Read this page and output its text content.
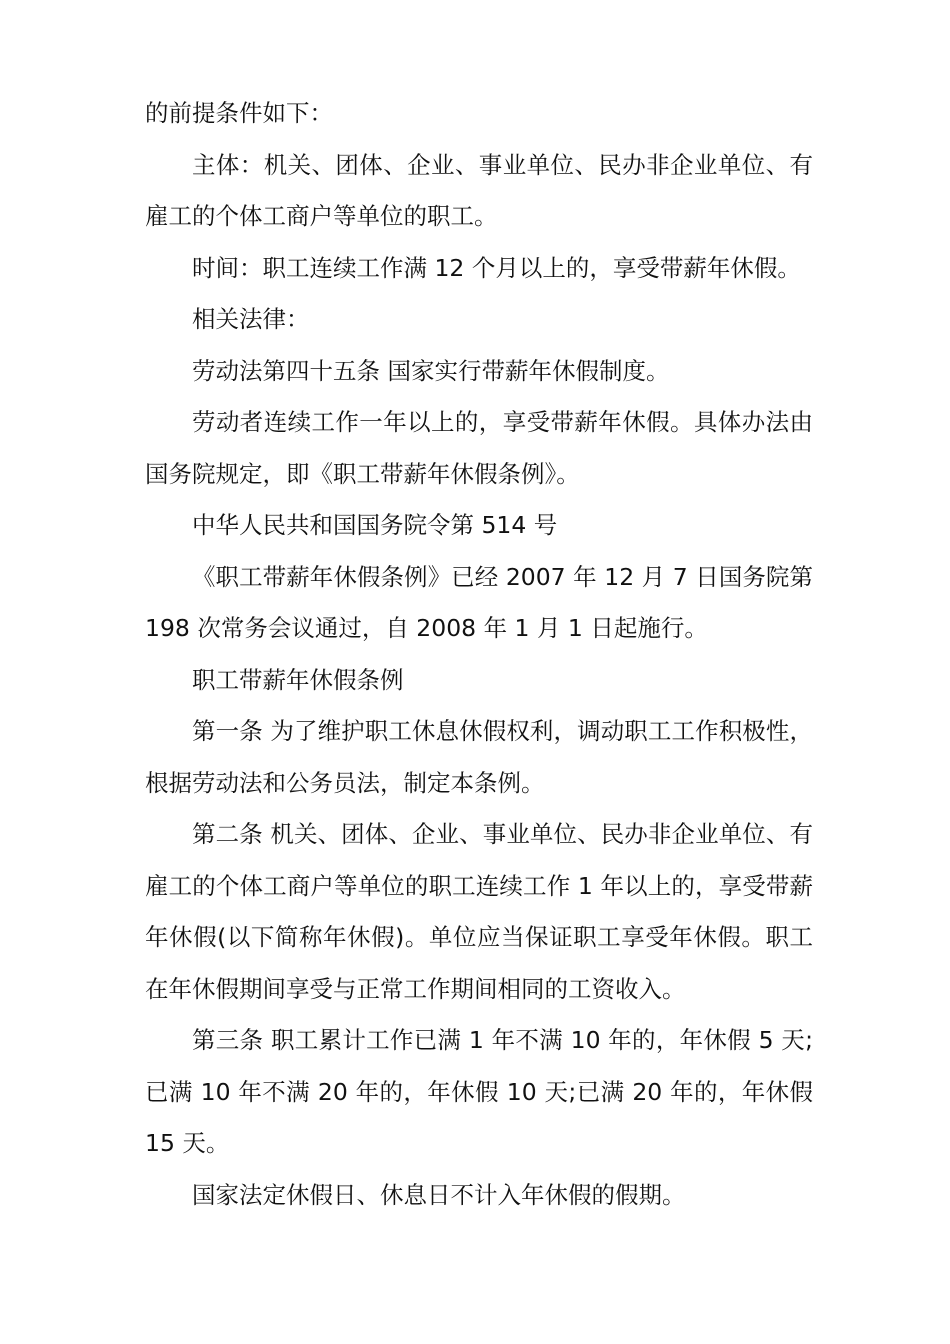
的前提条件如下：

主体：机关、团体、企业、事业单位、民办非企业单位、有雇工的个体工商户等单位的职工。

时间：职工连续工作满 12 个月以上的，享受带薪年休假。

相关法律：

劳动法第四十五条 国家实行带薪年休假制度。

劳动者连续工作一年以上的，享受带薪年休假。具体办法由国务院规定，即《职工带薪年休假条例》。

中华人民共和国国务院令第 514 号

《职工带薪年休假条例》已经 2007 年 12 月 7 日国务院第 198 次常务会议通过，自 2008 年 1 月 1 日起施行。

职工带薪年休假条例

第一条 为了维护职工休息休假权利，调动职工工作积极性，根据劳动法和公务员法，制定本条例。

第二条 机关、团体、企业、事业单位、民办非企业单位、有雇工的个体工商户等单位的职工连续工作 1 年以上的，享受带薪年休假(以下简称年休假)。单位应当保证职工享受年休假。职工在年休假期间享受与正常工作期间相同的工资收入。

第三条 职工累计工作已满 1 年不满 10 年的，年休假 5 天;已满 10 年不满 20 年的，年休假 10 天;已满 20 年的，年休假 15 天。

国家法定休假日、休息日不计入年休假的假期。
